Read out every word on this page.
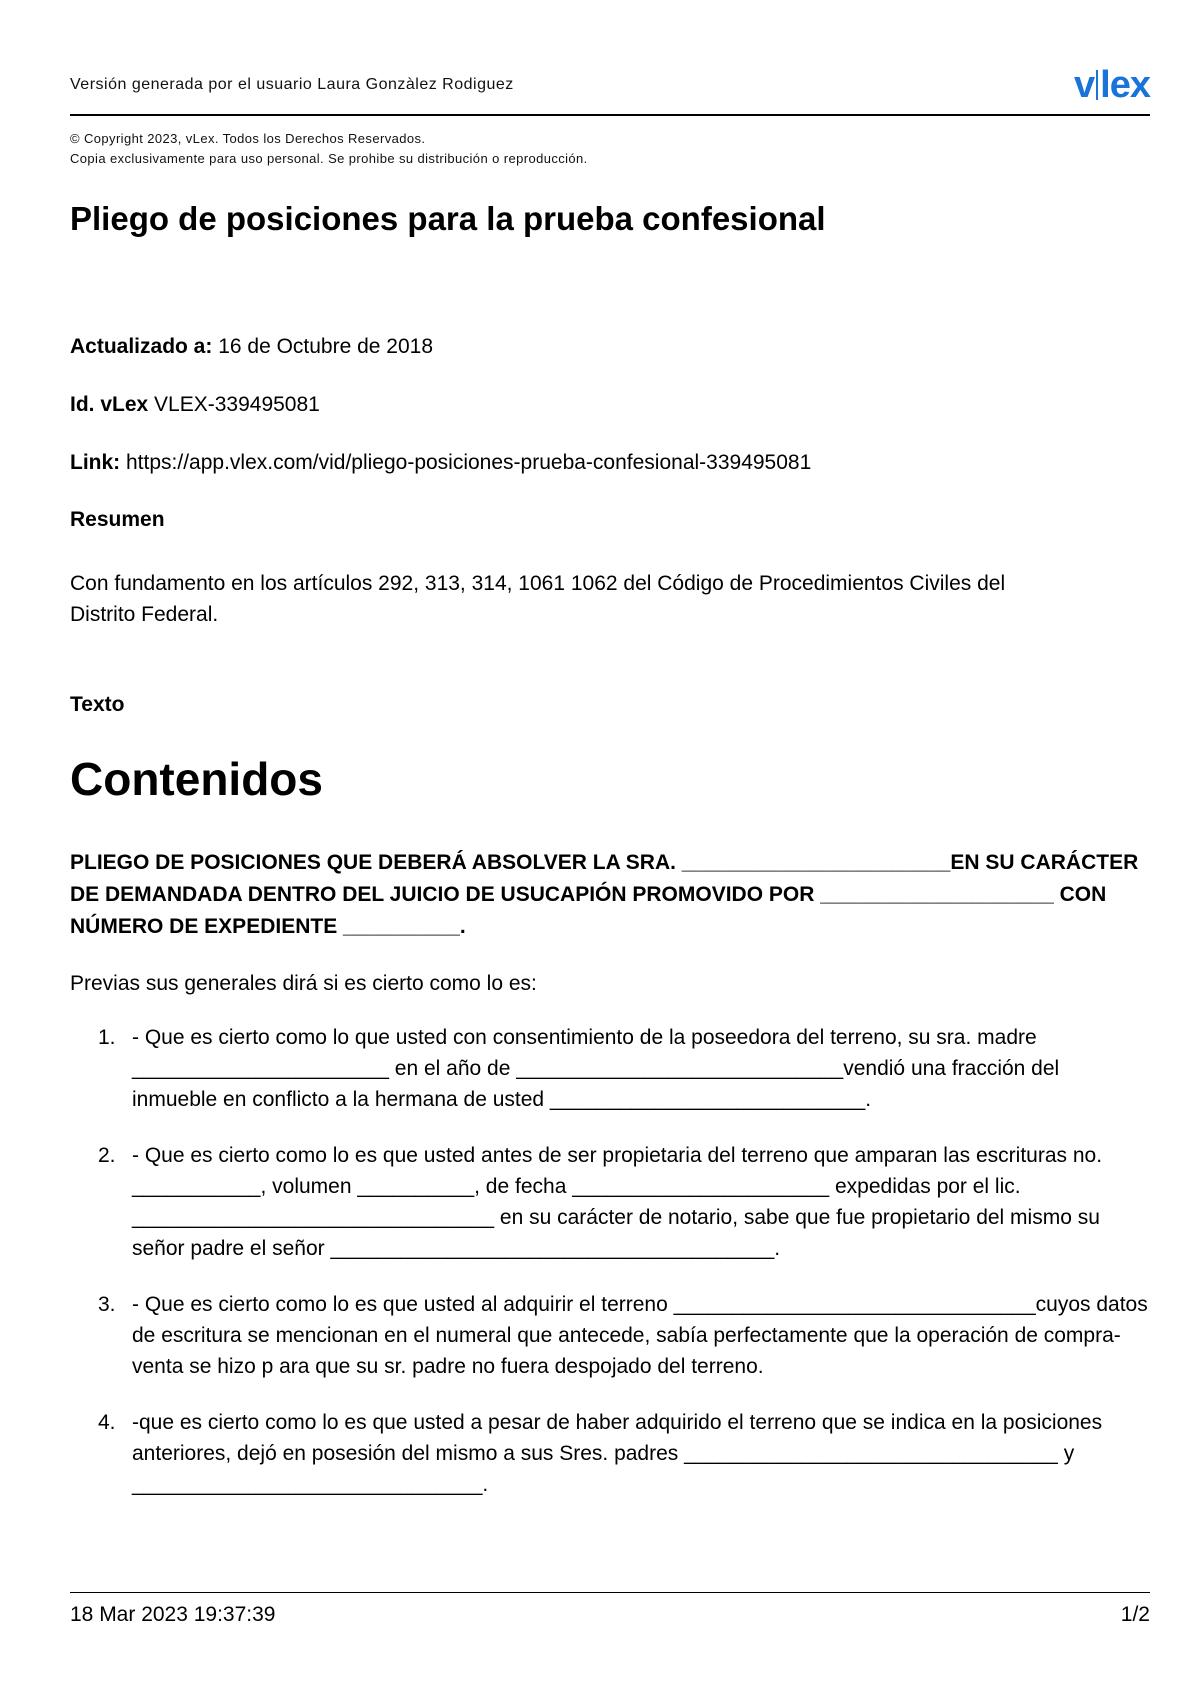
Versión generada por el usuario Laura Gonzàlez Rodiguez	v lex
© Copyright 2023, vLex. Todos los Derechos Reservados.
Copia exclusivamente para uso personal. Se prohibe su distribución o reproducción.
Pliego de posiciones para la prueba confesional
Actualizado a: 16 de Octubre de 2018
Id. vLex VLEX-339495081
Link: https://app.vlex.com/vid/pliego-posiciones-prueba-confesional-339495081
Resumen
Con fundamento en los artículos 292, 313, 314, 1061 1062 del Código de Procedimientos Civiles del Distrito Federal.
Texto
Contenidos
PLIEGO DE POSICIONES QUE DEBERÁ ABSOLVER LA SRA. _______________________EN SU CARÁCTER DE DEMANDADA DENTRO DEL JUICIO DE USUCAPIÓN PROMOVIDO POR ____________________ CON NÚMERO DE EXPEDIENTE __________.
Previas sus generales dirá si es cierto como lo es:
1. - Que es cierto como lo que usted con consentimiento de la poseedora del terreno, su sra. madre ______________________ en el año de ____________________________vendió una fracción del inmueble en conflicto a la hermana de usted ___________________________.
2. - Que es cierto como lo es que usted antes de ser propietaria del terreno que amparan las escrituras no. ___________, volumen __________, de fecha ______________________ expedidas por el lic. _______________________________ en su carácter de notario, sabe que fue propietario del mismo su señor padre el señor ______________________________________.
3. - Que es cierto como lo es que usted al adquirir el terreno _______________________________cuyos datos de escritura se mencionan en el numeral que antecede, sabía perfectamente que la operación de compra-venta se hizo p ara que su sr. padre no fuera despojado del terreno.
4. -que es cierto como lo es que usted a pesar de haber adquirido el terreno que se indica en la posiciones anteriores, dejó en posesión del mismo a sus Sres. padres ________________________________ y ______________________________.
18 Mar 2023 19:37:39	1/2
